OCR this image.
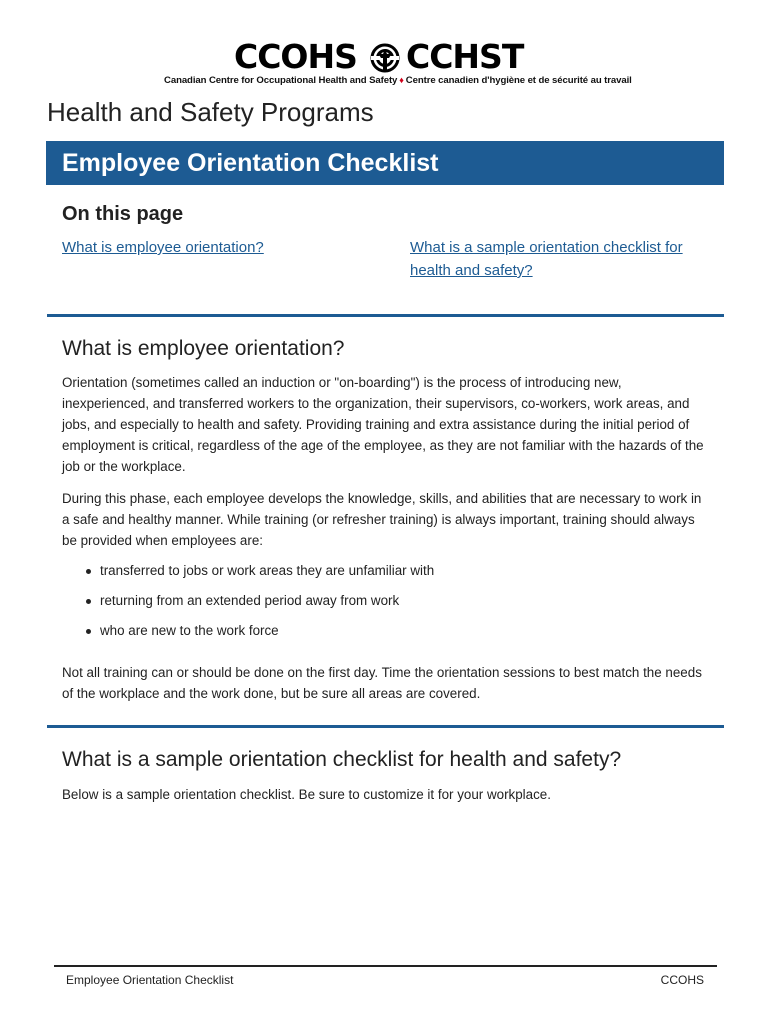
CCOHS CCHST
Canadian Centre for Occupational Health and Safety ♦ Centre canadien d'hygiène et de sécurité au travail
Health and Safety Programs
Employee Orientation Checklist
On this page
What is employee orientation?	What is a sample orientation checklist for health and safety?
What is employee orientation?

Orientation (sometimes called an induction or "on-boarding") is the process of introducing new, inexperienced, and transferred workers to the organization, their supervisors, co-workers, work areas, and jobs, and especially to health and safety. Providing training and extra assistance during the initial period of employment is critical, regardless of the age of the employee, as they are not familiar with the hazards of the job or the workplace.

During this phase, each employee develops the knowledge, skills, and abilities that are necessary to work in a safe and healthy manner. While training (or refresher training) is always important, training should always be provided when employees are:

transferred to jobs or work areas they are unfamiliar with
returning from an extended period away from work
who are new to the work force

Not all training can or should be done on the first day. Time the orientation sessions to best match the needs of the workplace and the work done, but be sure all areas are covered.

What is a sample orientation checklist for health and safety?

Below is a sample orientation checklist. Be sure to customize it for your workplace.

Employee Orientation Checklist	CCOHS
